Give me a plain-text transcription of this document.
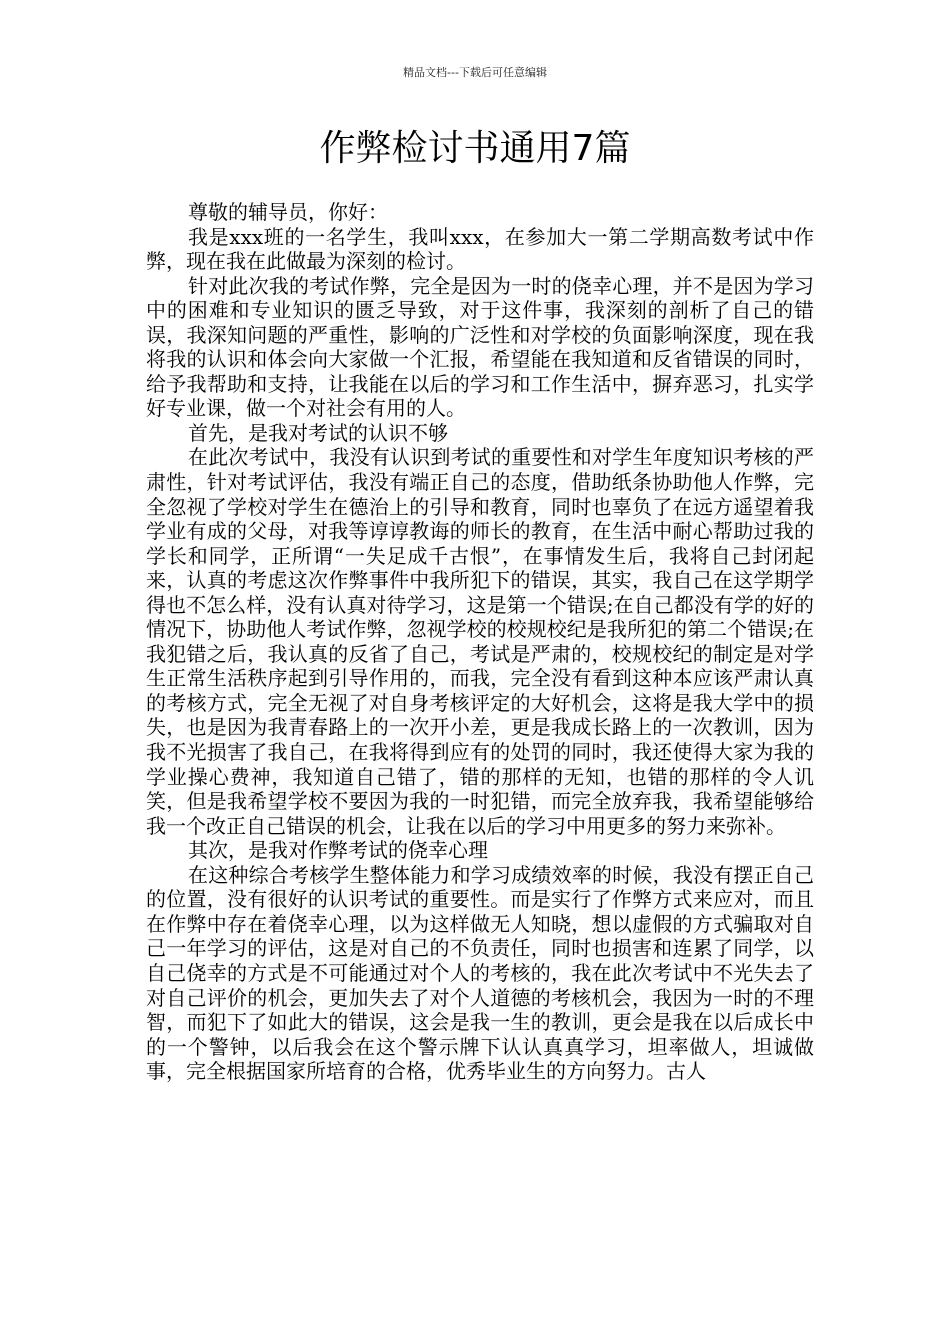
精品文档---下载后可任意编辑
作弊检讨书通用7篇

尊敬的辅导员，你好：

我是xxx班的一名学生，我叫xxx，在参加大一第二学期高数考试中作弊，现在我在此做最为深刻的检讨。

针对此次我的考试作弊，完全是因为一时的侥幸心理，并不是因为学习中的困难和专业知识的匮乏导致，对于这件事，我深刻的剖析了自己的错误，我深知问题的严重性，影响的广泛性和对学校的负面影响深度，现在我将我的认识和体会向大家做一个汇报，希望能在我知道和反省错误的同时，给予我帮助和支持，让我能在以后的学习和工作生活中，摒弃恶习，扎实学好专业课，做一个对社会有用的人。

首先，是我对考试的认识不够

在此次考试中，我没有认识到考试的重要性和对学生年度知识考核的严肃性，针对考试评估，我没有端正自己的态度，借助纸条协助他人作弊，完全忽视了学校对学生在德治上的引导和教育，同时也辜负了在远方遥望着我学业有成的父母，对我等谆谆教诲的师长的教育，在生活中耐心帮助过我的学长和同学，正所谓“一失足成千古恨”，在事情发生后，我将自己封闭起来，认真的考虑这次作弊事件中我所犯下的错误，其实，我自己在这学期学得也不怎么样，没有认真对待学习，这是第一个错误;在自己都没有学的好的情况下，协助他人考试作弊，忽视学校的校规校纪是我所犯的第二个错误;在我犯错之后，我认真的反省了自己，考试是严肃的，校规校纪的制定是对学生正常生活秩序起到引导作用的，而我，完全没有看到这种本应该严肃认真的考核方式，完全无视了对自身考核评定的大好机会，这将是我大学中的损失，也是因为我青春路上的一次开小差，更是我成长路上的一次教训，因为我不光损害了我自己，在我将得到应有的处罚的同时，我还使得大家为我的学业操心费神，我知道自己错了，错的那样的无知，也错的那样的令人讥笑，但是我希望学校不要因为我的一时犯错，而完全放弃我，我希望能够给我一个改正自己错误的机会，让我在以后的学习中用更多的努力来弥补。

其次，是我对作弊考试的侥幸心理

在这种综合考核学生整体能力和学习成绩效率的时候，我没有摆正自己的位置，没有很好的认识考试的重要性。而是实行了作弊方式来应对，而且在作弊中存在着侥幸心理，以为这样做无人知晓，想以虚假的方式骗取对自己一年学习的评估，这是对自己的不负责任，同时也损害和连累了同学，以自己侥幸的方式是不可能通过对个人的考核的，我在此次考试中不光失去了对自己评价的机会，更加失去了对个人道德的考核机会，我因为一时的不理智，而犯下了如此大的错误，这会是我一生的教训，更会是我在以后成长中的一个警钟，以后我会在这个警示牌下认认真真学习，坦率做人，坦诚做事，完全根据国家所培育的合格，优秀毕业生的方向努力。古人
